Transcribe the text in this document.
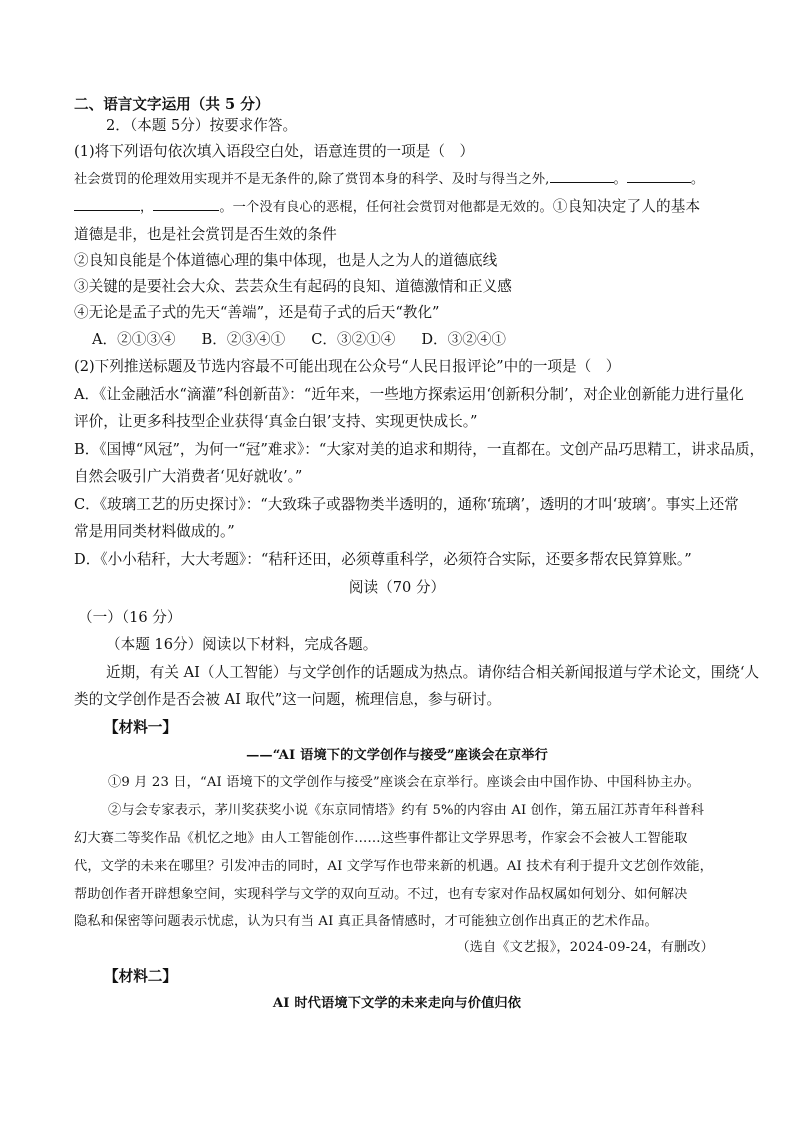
二、语言文字运用（共 5 分）
2．（本题 5分）按要求作答。
(1)将下列语句依次填入语段空白处，语意连贯的一项是（　）
社会赏罚的伦理效用实现并不是无条件的,除了赏罚本身的科学、及时与得当之外,	。	。
，	。一个没有良心的恶棍，任何社会赏罚对他都是无效的。①良知决定了人的基本
道德是非，也是社会赏罚是否生效的条件
②良知良能是个体道德心理的集中体现，也是人之为人的道德底线
③关键的是要社会大众、芸芸众生有起码的良知、道德激情和正义感
④无论是孟子式的先天“善端”，还是荀子式的后天“教化”
A．②①③④ B．②③④① C．③②①④ D．③②④①
(2)下列推送标题及节选内容最不可能出现在公众号“人民日报评论”中的一项是（　）
A．《让金融活水“滴灌”科创新苗》：“近年来，一些地方探索运用‘创新积分制’，对企业创新能力进行量化
评价，让更多科技型企业获得‘真金白银’支持、实现更快成长。”
B．《国博“风冠”，为何一“冠”难求》：“大家对美的追求和期待，一直都在。文创产品巧思精工，讲求品质，
自然会吸引广大消费者‘见好就收’。”
C．《玻璃工艺的历史探讨》：“大致珠子或器物类半透明的，通称‘琉璃’，透明的才叫‘玻璃’。事实上还常
常是用同类材料做成的。”
D．《小小秸秆，大大考题》：“秸秆还田，必须尊重科学，必须符合实际，还要多帮农民算算账。”
阅读（70 分）
（一）（16 分）
（本题 16分）阅读以下材料，完成各题。
近期，有关 AI（人工智能）与文学创作的话题成为热点。请你结合相关新闻报道与学术论文，围绕‘人
类的文学创作是否会被 AI 取代”这一问题，梳理信息，参与研讨。
【材料一】
——“AI 语境下的文学创作与接受”座谈会在京举行
①9 月 23 日，“AI 语境下的文学创作与接受”座谈会在京举行。座谈会由中国作协、中国科协主办。
②与会专家表示，茅川奖获奖小说《东京同情塔》约有 5%的内容由 AI 创作，第五届江苏青年科普科
幻大赛二等奖作品《机忆之地》由人工智能创作……这些事件都让文学界思考，作家会不会被人工智能取
代，文学的未来在哪里？引发冲击的同时，AI 文学写作也带来新的机遇。AI 技术有利于提升文艺创作效能，
帮助创作者开辟想象空间，实现科学与文学的双向互动。不过，也有专家对作品权属如何划分、如何解决
隐私和保密等问题表示忧虑，认为只有当 AI 真正具备情感时，才可能独立创作出真正的艺术作品。
（选自《文艺报》，2024-09-24，有删改）
【材料二】
AI 时代语境下文学的未来走向与价值归依
